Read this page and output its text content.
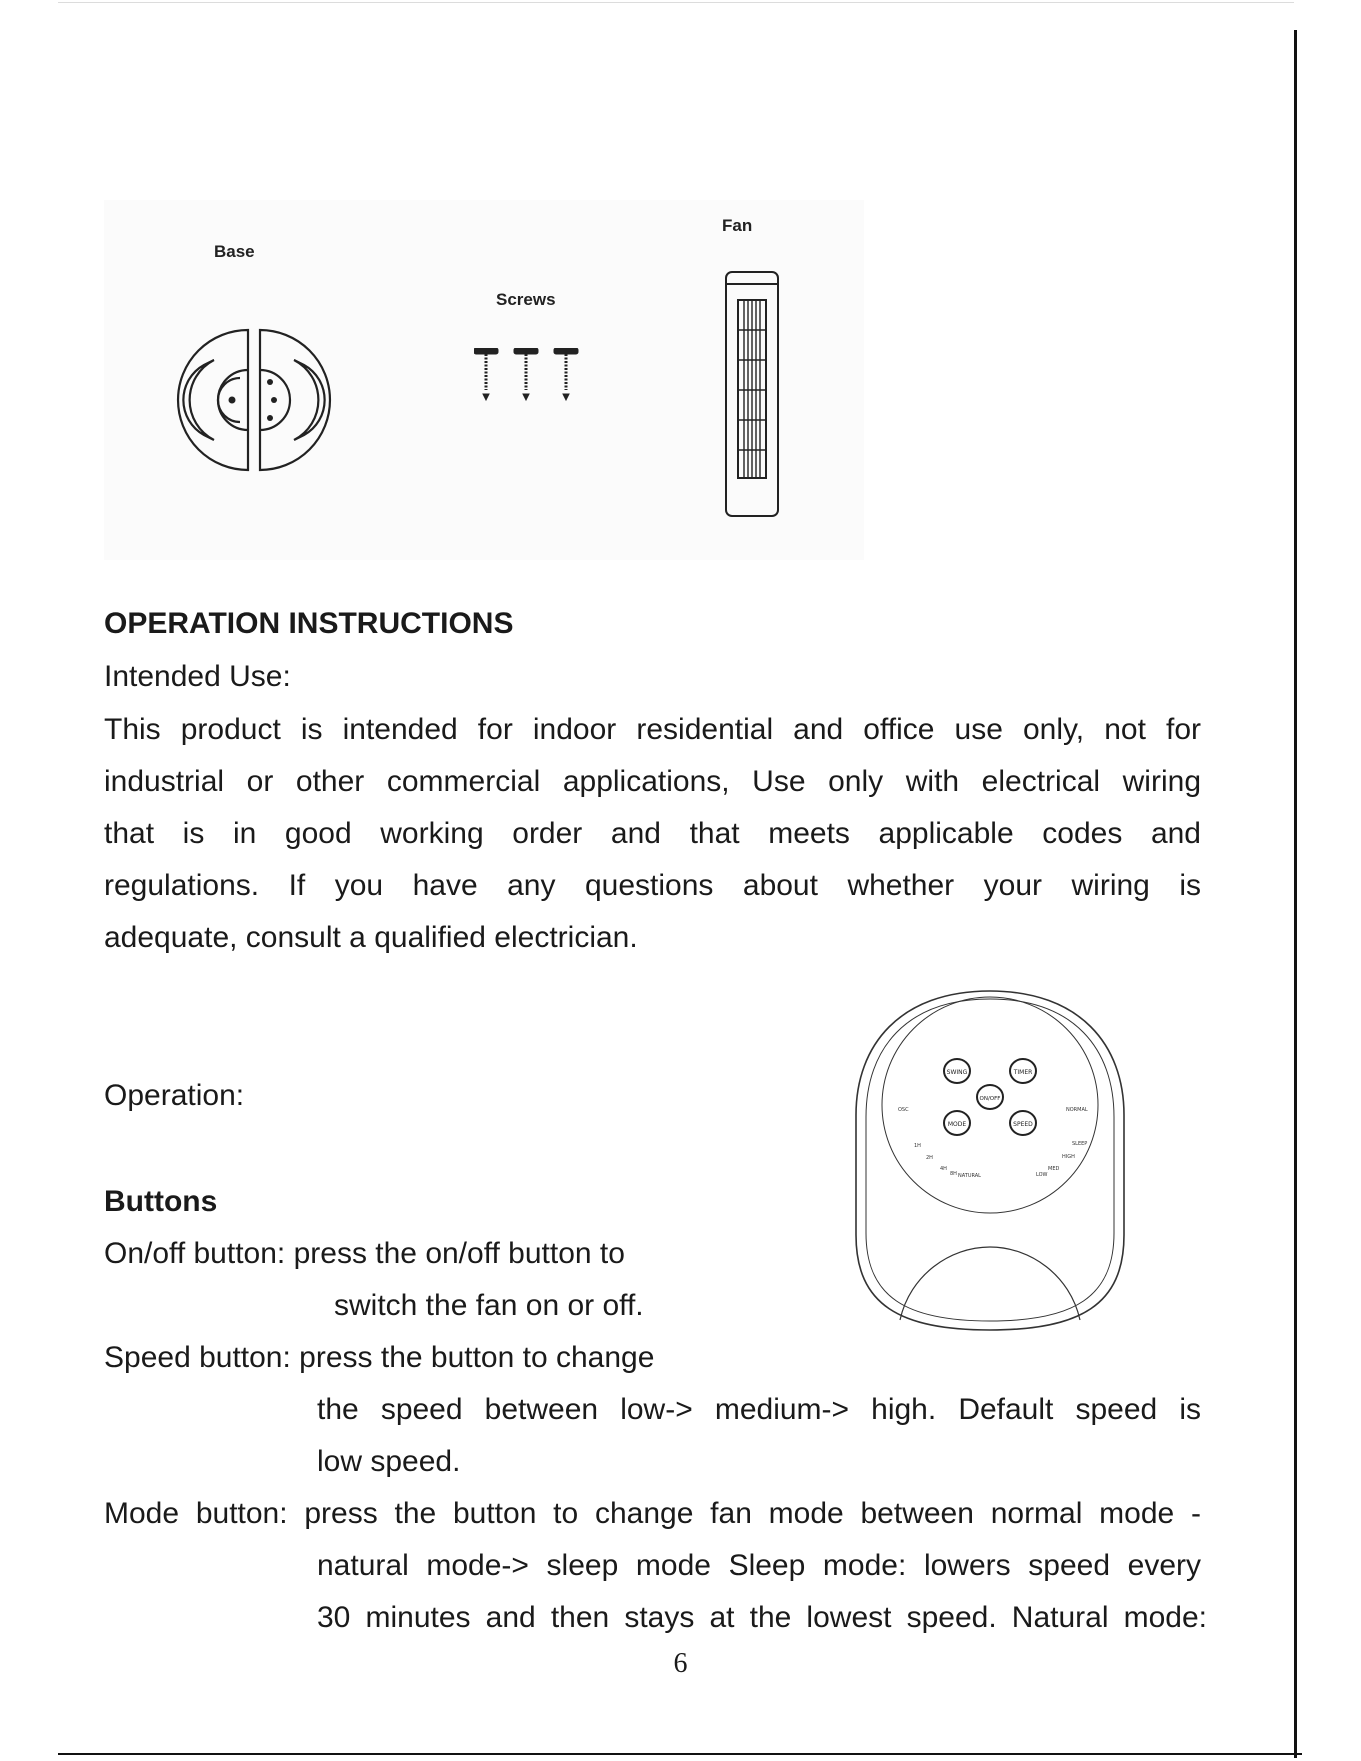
Base
Screws
Fan
OPERATION INSTRUCTIONS
Intended Use:
This product is intended for indoor residential and office use only, not for
industrial or other commercial applications, Use only with electrical wiring
that is in good working order and that meets applicable codes and
regulations. If you have any questions about whether your wiring is
adequate, consult a qualified electrician.
Operation:
Buttons
On/off button: press the on/off button to
switch the fan on or off.
Speed button: press the button to change
the speed between low-> medium-> high. Default speed is
low speed.
Mode button: press the button to change fan mode between normal mode -
natural mode-> sleep mode Sleep mode: lowers speed every
30 minutes and then stays at the lowest speed. Natural mode:
SWING	TIMER
ON/OFF
MODE	SPEED
OSC	NORMAL
SLEEP
1H
2H
4H
8H NATURAL
HIGH
MED
LOW
6
